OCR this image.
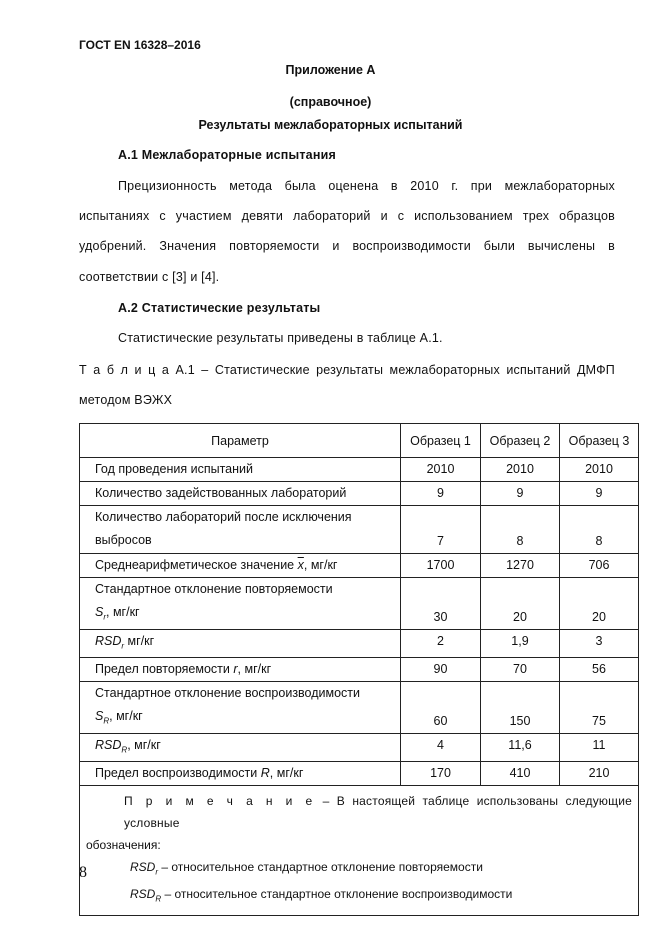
ГОСТ EN 16328–2016
Приложение А
(справочное)
Результаты межлабораторных испытаний
А.1 Межлабораторные испытания
Прецизионность метода была оценена в 2010 г. при межлабораторных
испытаниях с участием девяти лабораторий и с использованием трех образцов
удобрений. Значения повторяемости и воспроизводимости были вычислены в
соответствии с [3] и [4].
А.2 Статистические результаты
Статистические результаты приведены в таблице А.1.
Т а б л и ц а А.1 – Статистические результаты межлабораторных испытаний ДМФП
методом ВЭЖХ
Параметр	Образец 1	Образец 2	Образец 3
Год проведения испытаний	2010	2010	2010
Количество задействованных лабораторий	9	9	9

Количество лабораторий после исключения
выбросов	7	8	8
Среднеарифметическое значение $\overline{x}$, мг/кг	1700	1270	706

Стандартное отклонение повторяемости
$S_r$, мг/кг	30	20	20
$RSD_r$ мг/кг	2	1,9	3
Предел повторяемости r, мг/кг	90	70	56

Стандартное отклонение воспроизводимости
$S_R$, мг/кг	60	150	75
$RSD_R$, мг/кг	4	11,6	11
Предел воспроизводимости R, мг/кг	170	410	210

П р и м е ч а н и е – В настоящей таблице использованы следующие условные
обозначения:
$RSD_r$ – относительное стандартное отклонение повторяемости
$RSD_R$ – относительное стандартное отклонение воспроизводимости			
8
